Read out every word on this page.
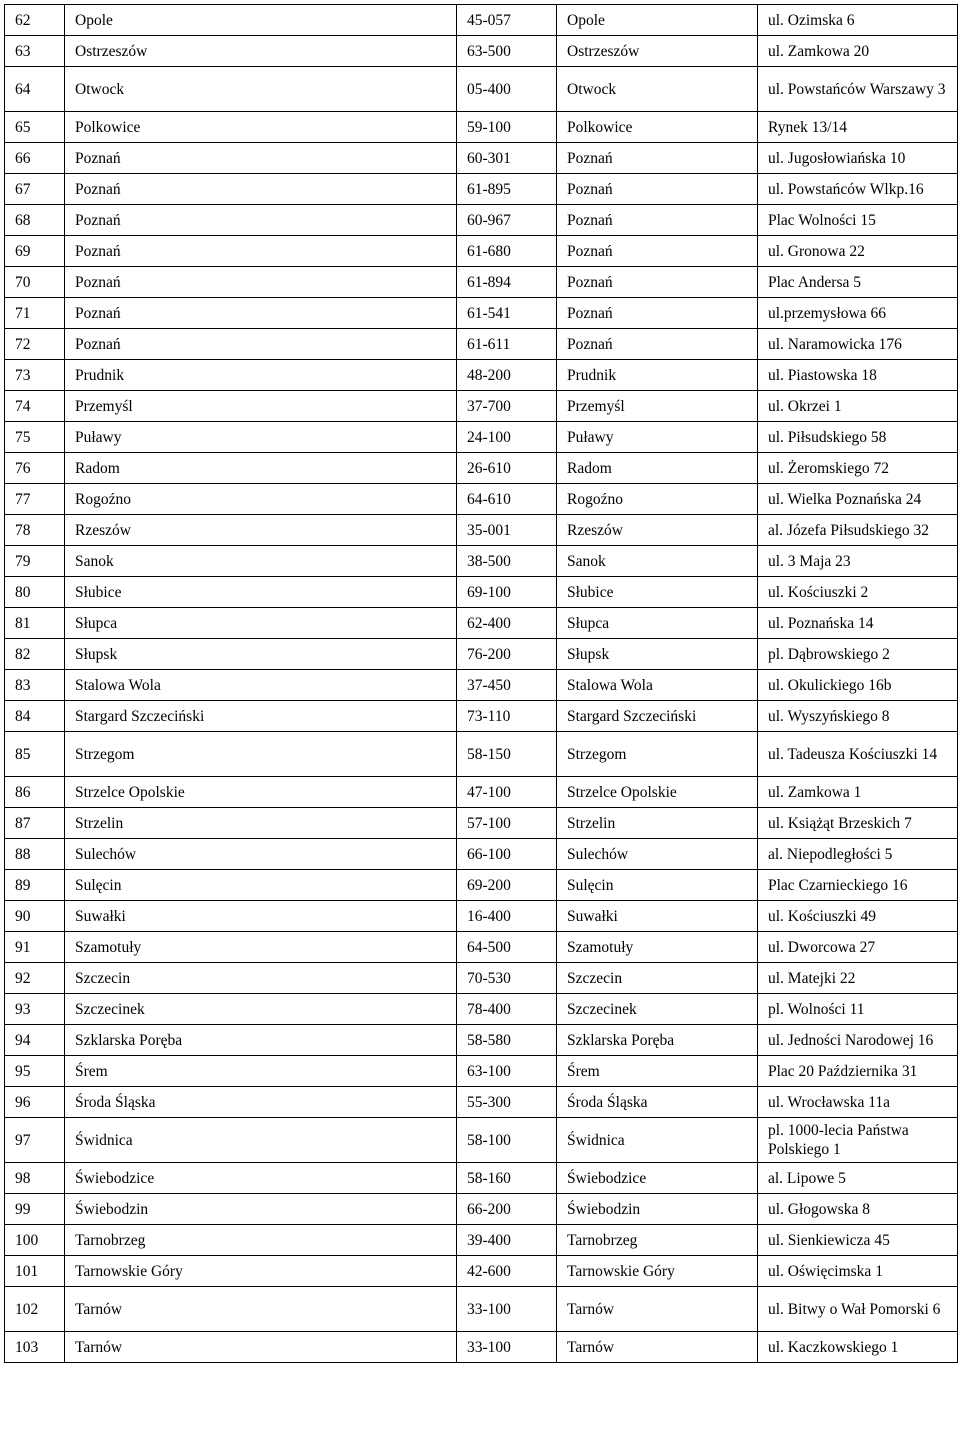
62	Opole	45-057	Opole	ul. Ozimska 6
63	Ostrzeszów	63-500	Ostrzeszów	ul. Zamkowa 20
64	Otwock	05-400	Otwock	ul. Powstańców Warszawy 3
65	Polkowice	59-100	Polkowice	Rynek 13/14
66	Poznań	60-301	Poznań	ul. Jugosłowiańska 10
67	Poznań	61-895	Poznań	ul. Powstańców Wlkp.16
68	Poznań	60-967	Poznań	Plac Wolności 15
69	Poznań	61-680	Poznań	ul. Gronowa 22
70	Poznań	61-894	Poznań	Plac Andersa 5
71	Poznań	61-541	Poznań	ul.przemysłowa 66
72	Poznań	61-611	Poznań	ul. Naramowicka 176
73	Prudnik	48-200	Prudnik	ul. Piastowska 18
74	Przemyśl	37-700	Przemyśl	ul. Okrzei 1
75	Puławy	24-100	Puławy	ul. Piłsudskiego 58
76	Radom	26-610	Radom	ul. Żeromskiego 72
77	Rogoźno	64-610	Rogoźno	ul. Wielka Poznańska 24
78	Rzeszów	35-001	Rzeszów	al. Józefa Piłsudskiego 32
79	Sanok	38-500	Sanok	ul. 3 Maja 23
80	Słubice	69-100	Słubice	ul. Kościuszki 2
81	Słupca	62-400	Słupca	ul. Poznańska 14
82	Słupsk	76-200	Słupsk	pl. Dąbrowskiego 2
83	Stalowa Wola	37-450	Stalowa Wola	ul. Okulickiego 16b
84	Stargard Szczeciński	73-110	Stargard Szczeciński	ul. Wyszyńskiego 8
85	Strzegom	58-150	Strzegom	ul. Tadeusza Kościuszki 14
86	Strzelce Opolskie	47-100	Strzelce Opolskie	ul. Zamkowa 1
87	Strzelin	57-100	Strzelin	ul. Książąt Brzeskich 7
88	Sulechów	66-100	Sulechów	al. Niepodległości 5
89	Sulęcin	69-200	Sulęcin	Plac Czarnieckiego 16
90	Suwałki	16-400	Suwałki	ul. Kościuszki 49
91	Szamotuły	64-500	Szamotuły	ul. Dworcowa 27
92	Szczecin	70-530	Szczecin	ul. Matejki 22
93	Szczecinek	78-400	Szczecinek	pl. Wolności 11
94	Szklarska Poręba	58-580	Szklarska Poręba	ul. Jedności Narodowej 16
95	Śrem	63-100	Śrem	Plac 20 Października 31
96	Środa Śląska	55-300	Środa Śląska	ul. Wrocławska 11a
97	Świdnica	58-100	Świdnica	pl. 1000-lecia Państwa Polskiego 1
98	Świebodzice	58-160	Świebodzice	al. Lipowe 5
99	Świebodzin	66-200	Świebodzin	ul. Głogowska 8
100	Tarnobrzeg	39-400	Tarnobrzeg	ul. Sienkiewicza 45
101	Tarnowskie Góry	42-600	Tarnowskie Góry	ul. Oświęcimska 1
102	Tarnów	33-100	Tarnów	ul. Bitwy o Wał Pomorski 6
103	Tarnów	33-100	Tarnów	ul. Kaczkowskiego 1
